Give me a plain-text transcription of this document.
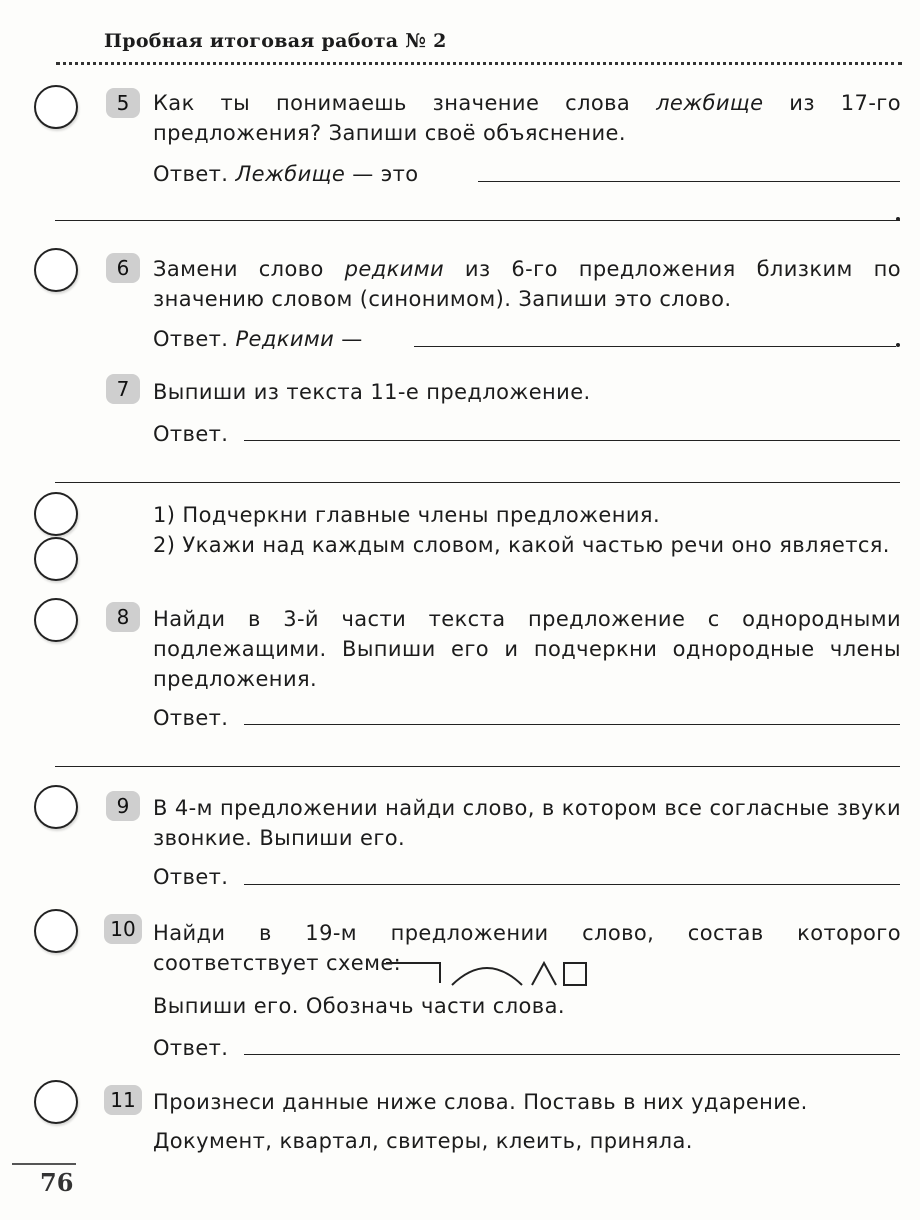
Пробная итоговая работа № 2
5	Как ты понимаешь значение слова лежбище из 17-го предложения? Запиши своё объяснение.
Ответ. Лежбище — это
6	Замени слово редкими из 6-го предложения близким по значению словом (синонимом). Запиши это слово.
Ответ. Редкими —
7	Выпиши из текста 11-е предложение.
Ответ.
1) Подчеркни главные члены предложения.
2) Укажи над каждым словом, какой частью речи оно является.
8	Найди в 3-й части текста предложение с однородными подлежащими. Выпиши его и подчеркни однородные члены предложения.
Ответ.
9	В 4-м предложении найди слово, в котором все согласные звуки звонкие. Выпиши его.
Ответ.
10 Найди в 19-м предложении слово, состав которого соответствует схеме:
Выпиши его. Обозначь части слова.
Ответ.
11 Произнеси данные ниже слова. Поставь в них ударение.
Документ, квартал, свитеры, клеить, приняла.
76
